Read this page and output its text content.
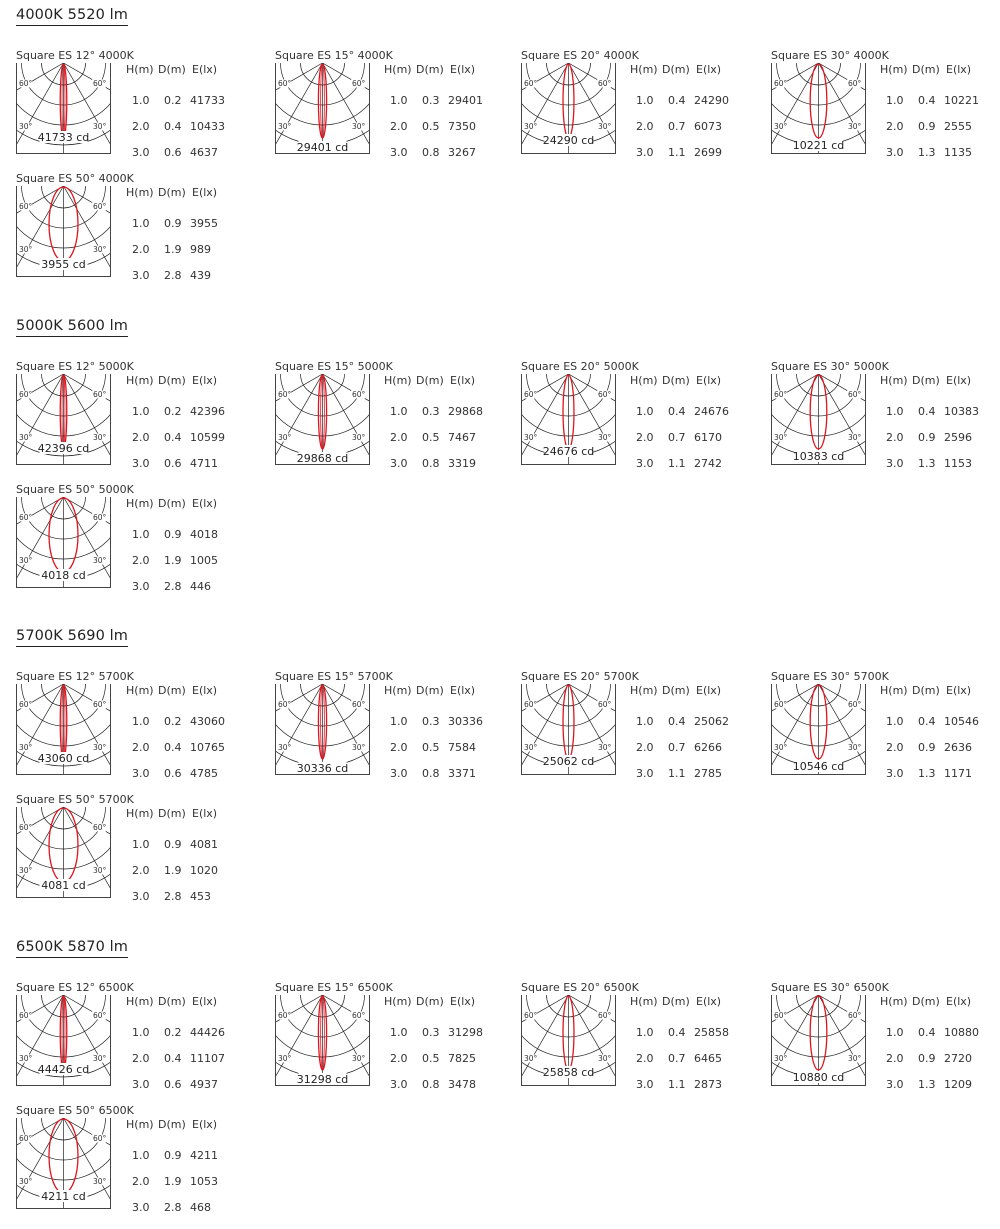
4000K 5520 lm
Square ES 12° 4000K
60°	60°
30°	30°
41733 cd
H(m) D(m) E(lx)
1.0 0.2 41733
2.0 0.4 10433
3.0 0.6 4637
Square ES 15° 4000K
60°	60°
30°	30°
29401 cd
H(m) D(m) E(lx)
1.0 0.3 29401
2.0 0.5 7350
3.0 0.8 3267
Square ES 20° 4000K
60°	60°
30°	30°
24290 cd
H(m) D(m) E(lx)
1.0 0.4 24290
2.0 0.7 6073
3.0 1.1 2699
Square ES 30° 4000K
60°	60°
30°	30°
10221 cd
H(m) D(m) E(lx)
1.0 0.4 10221
2.0 0.9 2555
3.0 1.3 1135
Square ES 50° 4000K
60°	60°
30°	30°
3955 cd
H(m) D(m) E(lx)
1.0 0.9 3955
2.0 1.9 989
3.0 2.8 439
5000K 5600 lm
Square ES 12° 5000K
60°	60°
30°	30°
42396 cd
H(m) D(m) E(lx)
1.0 0.2 42396
2.0 0.4 10599
3.0 0.6 4711
Square ES 15° 5000K
60°	60°
30°	30°
29868 cd
H(m) D(m) E(lx)
1.0 0.3 29868
2.0 0.5 7467
3.0 0.8 3319
Square ES 20° 5000K
60°	60°
30°	30°
24676 cd
H(m) D(m) E(lx)
1.0 0.4 24676
2.0 0.7 6170
3.0 1.1 2742
Square ES 30° 5000K
60°	60°
30°	30°
10383 cd
H(m) D(m) E(lx)
1.0 0.4 10383
2.0 0.9 2596
3.0 1.3 1153
Square ES 50° 5000K
60°	60°
30°	30°
4018 cd
H(m) D(m) E(lx)
1.0 0.9 4018
2.0 1.9 1005
3.0 2.8 446
5700K 5690 lm
Square ES 12° 5700K
60°	60°
30°	30°
43060 cd
H(m) D(m) E(lx)
1.0 0.2 43060
2.0 0.4 10765
3.0 0.6 4785
Square ES 15° 5700K
60°	60°
30°	30°
30336 cd
H(m) D(m) E(lx)
1.0 0.3 30336
2.0 0.5 7584
3.0 0.8 3371
Square ES 20° 5700K
60°	60°
30°	30°
25062 cd
H(m) D(m) E(lx)
1.0 0.4 25062
2.0 0.7 6266
3.0 1.1 2785
Square ES 30° 5700K
60°	60°
30°	30°
10546 cd
H(m) D(m) E(lx)
1.0 0.4 10546
2.0 0.9 2636
3.0 1.3 1171
Square ES 50° 5700K
60°	60°
30°	30°
4081 cd
H(m) D(m) E(lx)
1.0 0.9 4081
2.0 1.9 1020
3.0 2.8 453
6500K 5870 lm
Square ES 12° 6500K
60°	60°
30°	30°
44426 cd
H(m) D(m) E(lx)
1.0 0.2 44426
2.0 0.4 11107
3.0 0.6 4937
Square ES 15° 6500K
60°	60°
30°	30°
31298 cd
H(m) D(m) E(lx)
1.0 0.3 31298
2.0 0.5 7825
3.0 0.8 3478
Square ES 20° 6500K
60°	60°
30°	30°
25858 cd
H(m) D(m) E(lx)
1.0 0.4 25858
2.0 0.7 6465
3.0 1.1 2873
Square ES 30° 6500K
60°	60°
30°	30°
10880 cd
H(m) D(m) E(lx)
1.0 0.4 10880
2.0 0.9 2720
3.0 1.3 1209
Square ES 50° 6500K
60°	60°
30°	30°
4211 cd
H(m) D(m) E(lx)
1.0 0.9 4211
2.0 1.9 1053
3.0 2.8 468
